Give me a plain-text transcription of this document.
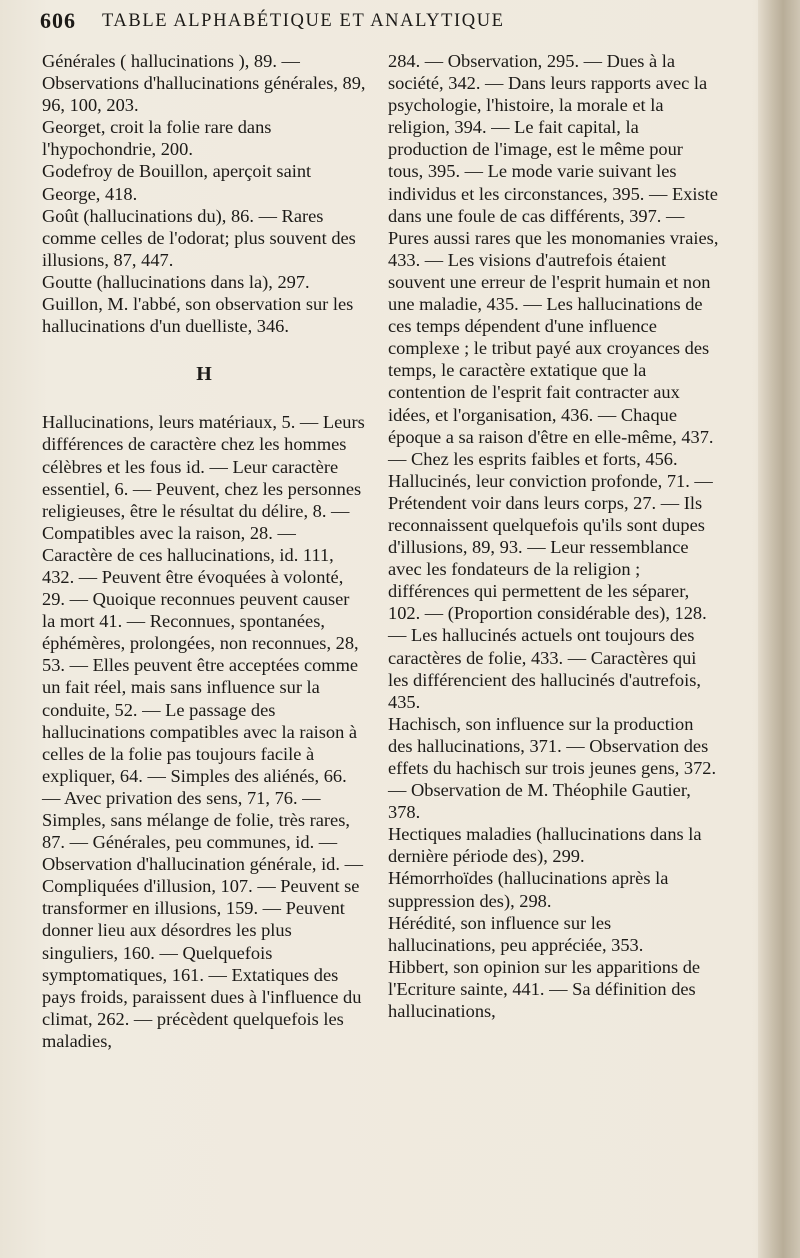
606 TABLE ALPHABÉTIQUE ET ANALYTIQUE

Générales ( hallucinations ), 89. — Observations d'hallucinations générales, 89, 96, 100, 203.

Georget, croit la folie rare dans l'hypochondrie, 200.

Godefroy de Bouillon, aperçoit saint George, 418.

Goût (hallucinations du), 86. — Rares comme celles de l'odorat; plus souvent des illusions, 87, 447.

Goutte (hallucinations dans la), 297.

Guillon, M. l'abbé, son observation sur les hallucinations d'un duelliste, 346.

H

Hallucinations, leurs matériaux, 5. — Leurs différences de caractère chez les hommes célèbres et les fous id. — Leur caractère essentiel, 6. — Peuvent, chez les personnes religieuses, être le résultat du délire, 8. — Compatibles avec la raison, 28. — Caractère de ces hallucinations, id. 111, 432. — Peuvent être évoquées à volonté, 29. — Quoique reconnues peuvent causer la mort 41. — Reconnues, spontanées, éphémères, prolongées, non reconnues, 28, 53. — Elles peuvent être acceptées comme un fait réel, mais sans influence sur la conduite, 52. — Le passage des hallucinations compatibles avec la raison à celles de la folie pas toujours facile à expliquer, 64. — Simples des aliénés, 66. — Avec privation des sens, 71, 76. — Simples, sans mélange de folie, très rares, 87. — Générales, peu communes, id. — Observation d'hallucination générale, id. — Compliquées d'illusion, 107. — Peuvent se transformer en illusions, 159. — Peuvent donner lieu aux désordres les plus singuliers, 160. — Quelquefois symptomatiques, 161. — Extatiques des pays froids, paraissent dues à l'influence du climat, 262. — précèdent quelquefois les maladies,

284. — Observation, 295. — Dues à la société, 342. — Dans leurs rapports avec la psychologie, l'histoire, la morale et la religion, 394. — Le fait capital, la production de l'image, est le même pour tous, 395. — Le mode varie suivant les individus et les circonstances, 395. — Existe dans une foule de cas différents, 397. — Pures aussi rares que les monomanies vraies, 433. — Les visions d'autrefois étaient souvent une erreur de l'esprit humain et non une maladie, 435. — Les hallucinations de ces temps dépendent d'une influence complexe ; le tribut payé aux croyances des temps, le caractère extatique que la contention de l'esprit fait contracter aux idées, et l'organisation, 436. — Chaque époque a sa raison d'être en elle-même, 437. — Chez les esprits faibles et forts, 456.

Hallucinés, leur conviction profonde, 71. — Prétendent voir dans leurs corps, 27. — Ils reconnaissent quelquefois qu'ils sont dupes d'illusions, 89, 93. — Leur ressemblance avec les fondateurs de la religion ; différences qui permettent de les séparer, 102. — (Proportion considérable des), 128. — Les hallucinés actuels ont toujours des caractères de folie, 433. — Caractères qui les différencient des hallucinés d'autrefois, 435.

Hachisch, son influence sur la production des hallucinations, 371. — Observation des effets du hachisch sur trois jeunes gens, 372. — Observation de M. Théophile Gautier, 378.

Hectiques maladies (hallucinations dans la dernière période des), 299.

Hémorrhoïdes (hallucinations après la suppression des), 298.

Hérédité, son influence sur les hallucinations, peu appréciée, 353.

Hibbert, son opinion sur les apparitions de l'Ecriture sainte, 441. — Sa définition des hallucinations,
